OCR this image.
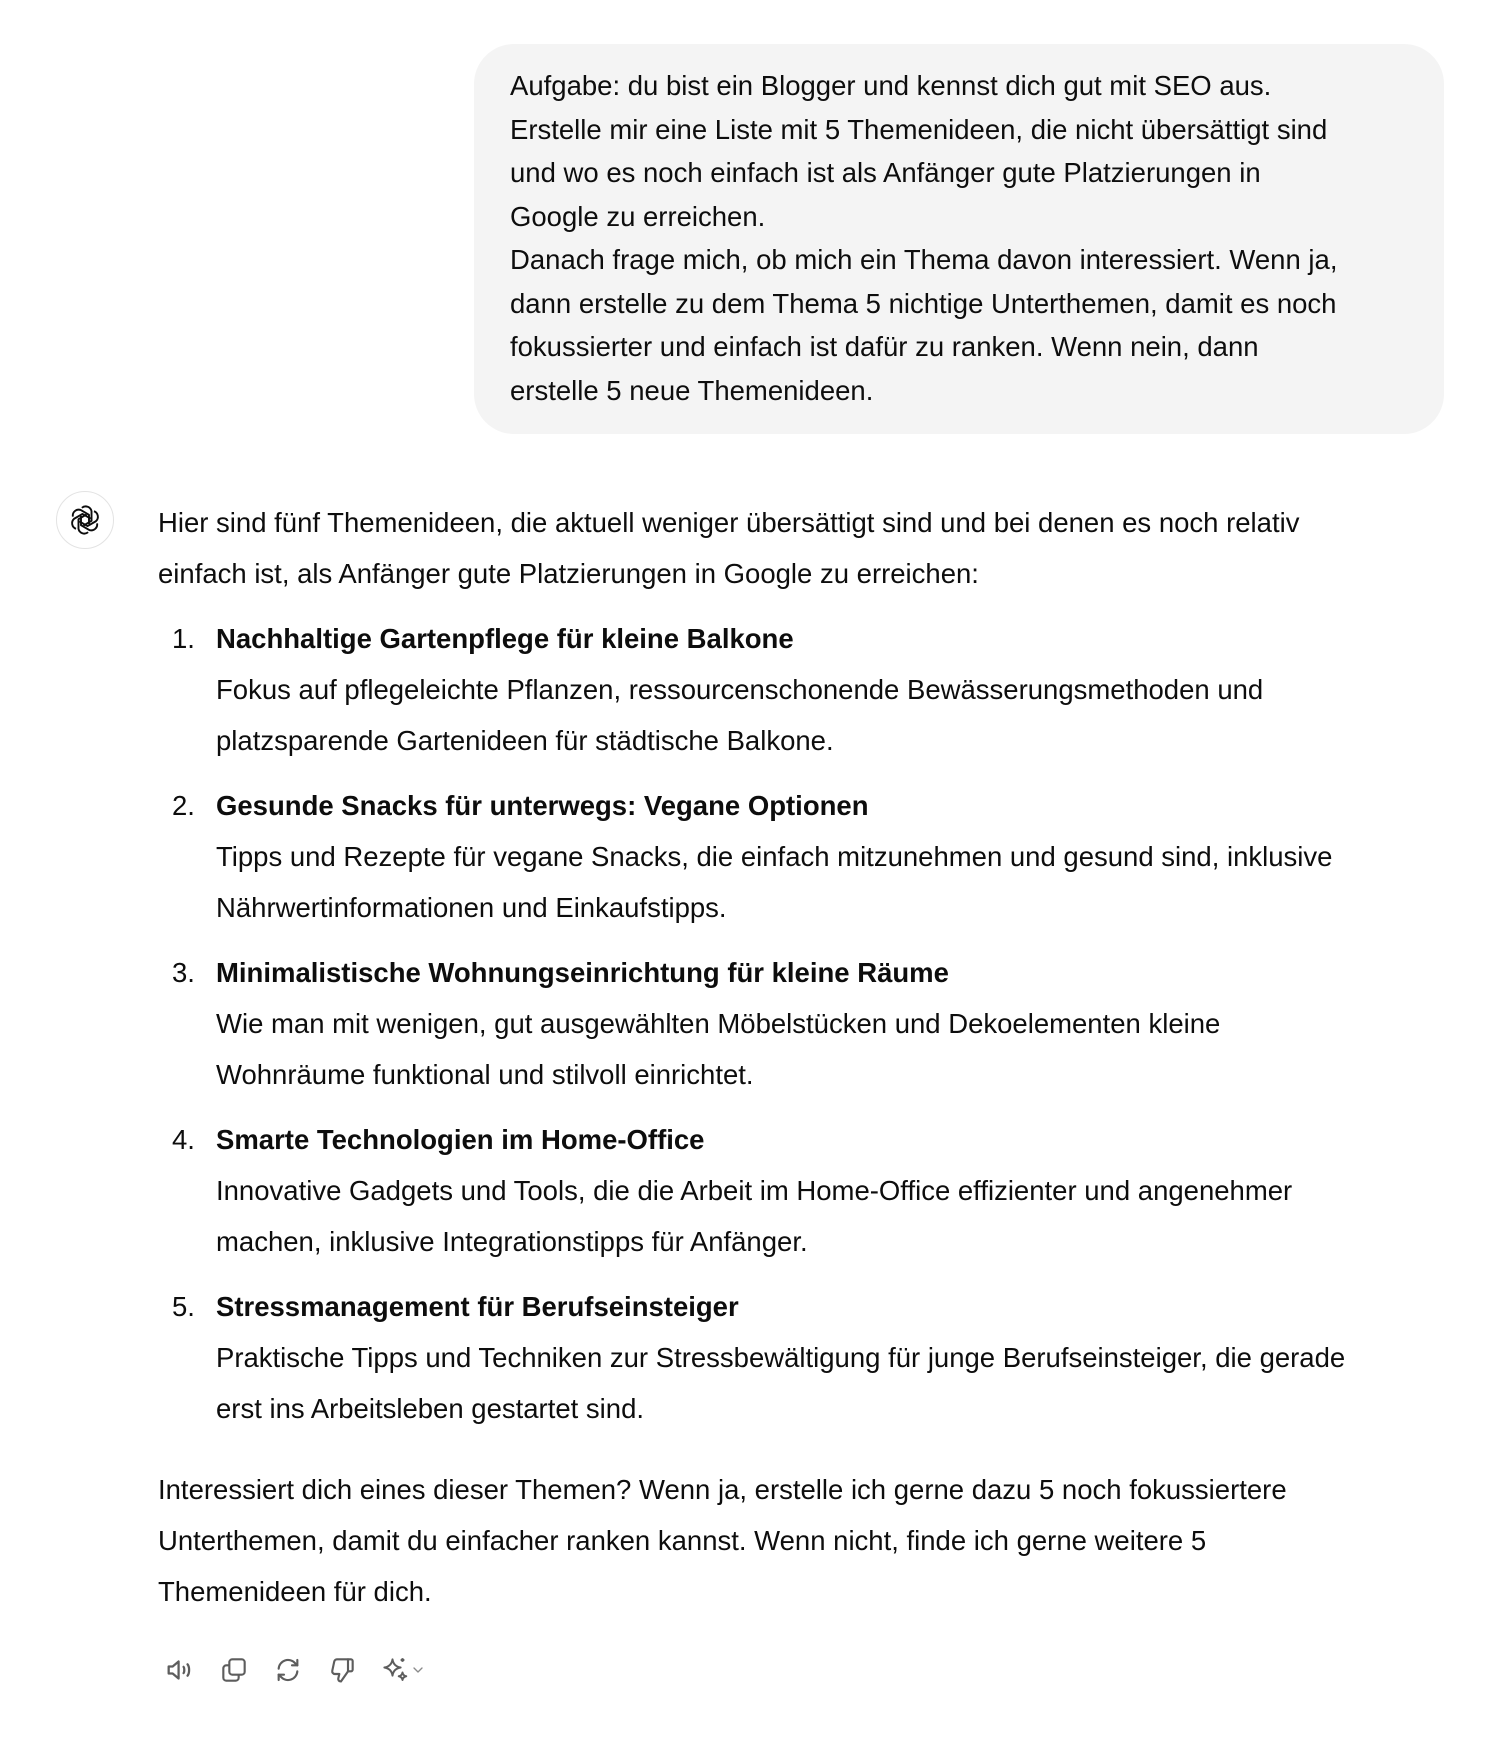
Aufgabe: du bist ein Blogger und kennst dich gut mit SEO aus.
Erstelle mir eine Liste mit 5 Themenideen, die nicht übersättigt sind
und wo es noch einfach ist als Anfänger gute Platzierungen in
Google zu erreichen.
Danach frage mich, ob mich ein Thema davon interessiert. Wenn ja,
dann erstelle zu dem Thema 5 nichtige Unterthemen, damit es noch
fokussierter und einfach ist dafür zu ranken. Wenn nein, dann
erstelle 5 neue Themenideen.

Hier sind fünf Themenideen, die aktuell weniger übersättigt sind und bei denen es noch relativ
einfach ist, als Anfänger gute Platzierungen in Google zu erreichen:

1. Nachhaltige Gartenpflege für kleine Balkone
Fokus auf pflegeleichte Pflanzen, ressourcenschonende Bewässerungsmethoden und
platzsparende Gartenideen für städtische Balkone.
2. Gesunde Snacks für unterwegs: Vegane Optionen
Tipps und Rezepte für vegane Snacks, die einfach mitzunehmen und gesund sind, inklusive
Nährwertinformationen und Einkaufstipps.
3. Minimalistische Wohnungseinrichtung für kleine Räume
Wie man mit wenigen, gut ausgewählten Möbelstücken und Dekoelementen kleine
Wohnräume funktional und stilvoll einrichtet.
4. Smarte Technologien im Home-Office
Innovative Gadgets und Tools, die die Arbeit im Home-Office effizienter und angenehmer
machen, inklusive Integrationstipps für Anfänger.
5. Stressmanagement für Berufseinsteiger
Praktische Tipps und Techniken zur Stressbewältigung für junge Berufseinsteiger, die gerade
erst ins Arbeitsleben gestartet sind.

Interessiert dich eines dieser Themen? Wenn ja, erstelle ich gerne dazu 5 noch fokussiertere
Unterthemen, damit du einfacher ranken kannst. Wenn nicht, finde ich gerne weitere 5
Themenideen für dich.
